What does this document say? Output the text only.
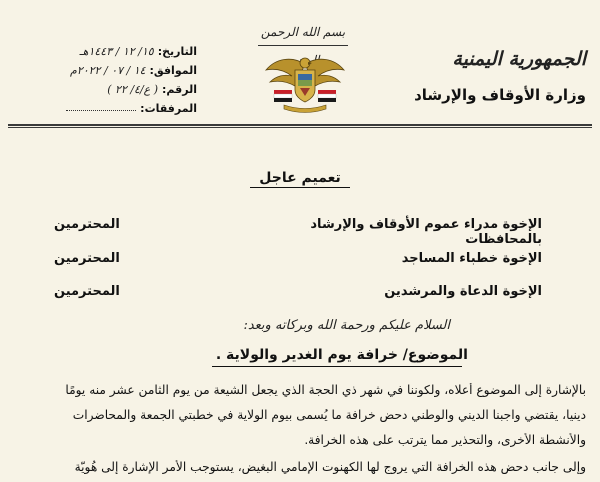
بسم الله الرحمن
الجمهورية اليمنية
وزارة الأوقاف والإرشاد
التاريخ:
١٥/ ١٢ / ١٤٤٣هـ
الموافق:
١٤ / ٠٧ / ٢٠٢٢م
الرقم:
( ع/٤/ ٢٢ )
المرفقات:
تعميم عاجل
الإخوة مدراء عموم الأوقاف والإرشاد بالمحافظات
المحترمين
الإخوة خطباء المساجد
المحترمين
الإخوة الدعاة والمرشدين
المحترمين
السلام عليكم ورحمة الله وبركاته وبعد:
الموضوع/ خرافة يوم الغدير والولاية .
بالإشارة إلى الموضوع أعلاه، ولكوننا في شهر ذي الحجة الذي يجعل الشيعة من يوم الثامن عشر منه يومًا
دينيا، يقتضي واجبنا الديني والوطني دحض خرافة ما يُسمى بيوم الولاية في خطبتي الجمعة والمحاضرات
والأنشطة الأخرى، والتحذير مما يترتب على هذه الخرافة.
وإلى جانب دحض هذه الخرافة التي يروج لها الكهنوت الإمامي البغيض، يستوجب الأمر الإشارة إلى هُويّة
